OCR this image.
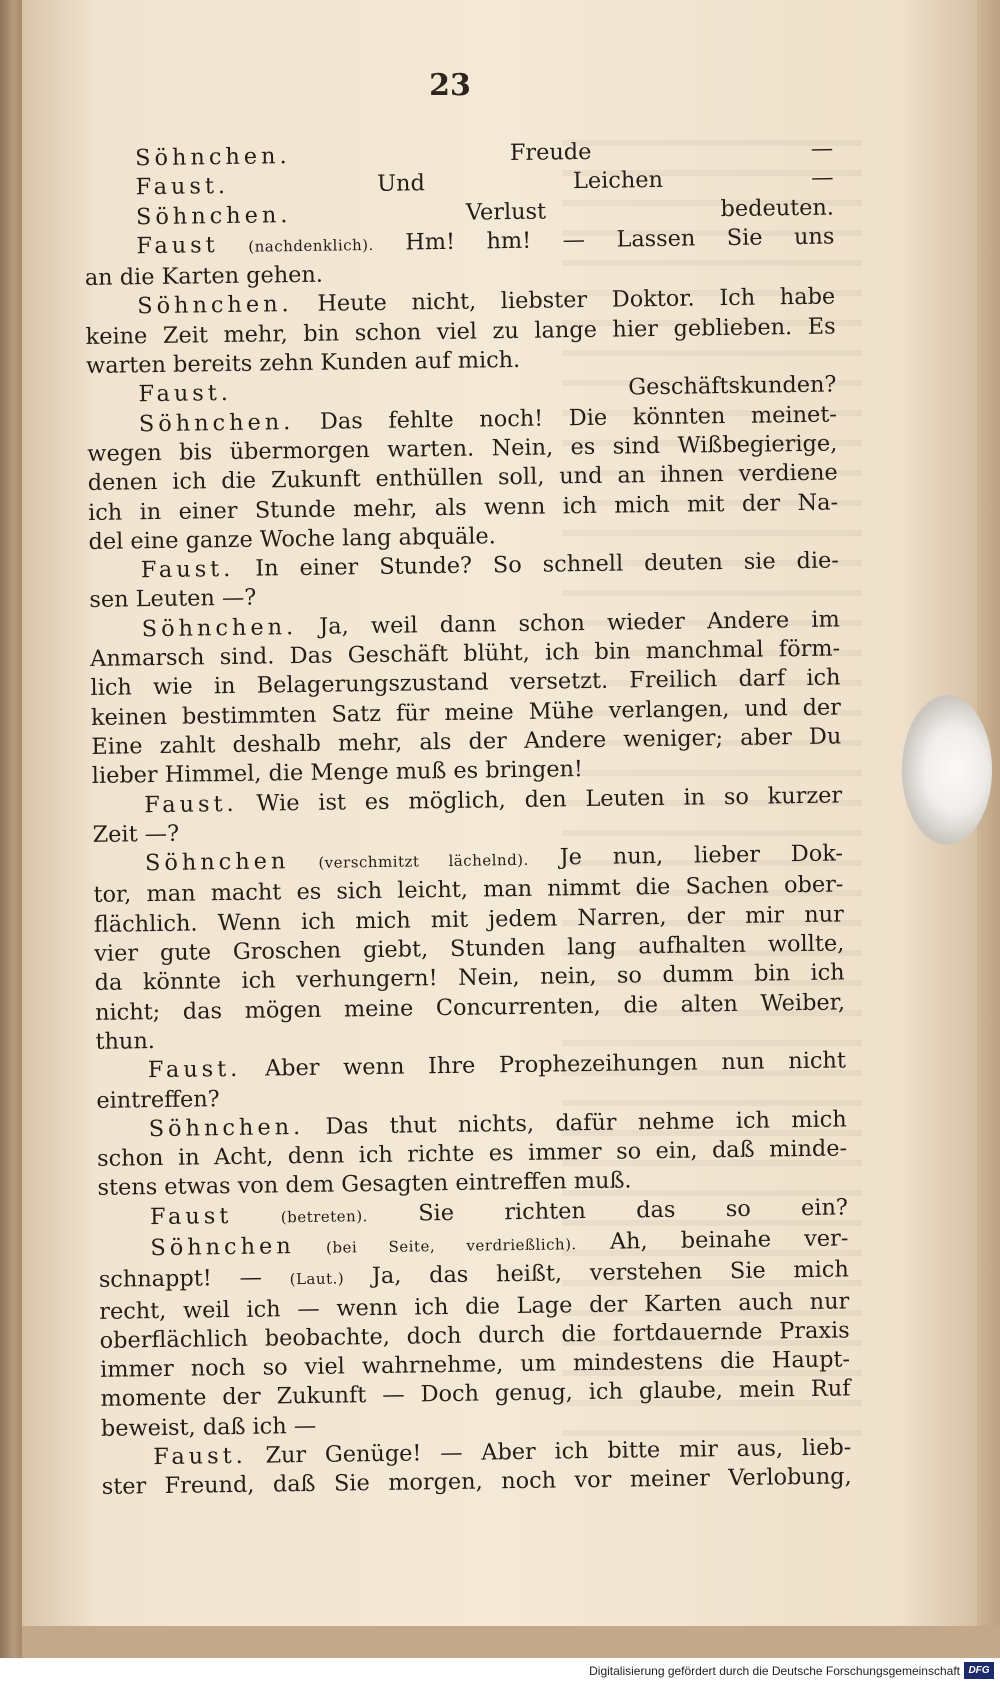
23
Söhnchen. Freude —
Faust. Und Leichen —
Söhnchen. Verlust bedeuten.
Faust (nachdenklich). Hm! hm! — Lassen Sie uns
an die Karten gehen.
Söhnchen. Heute nicht, liebster Doktor. Ich habe
keine Zeit mehr, bin schon viel zu lange hier geblieben. Es
warten bereits zehn Kunden auf mich.
Faust. Geschäftskunden?
Söhnchen. Das fehlte noch! Die könnten meinet-
wegen bis übermorgen warten. Nein, es sind Wißbegierige,
denen ich die Zukunft enthüllen soll, und an ihnen verdiene
ich in einer Stunde mehr, als wenn ich mich mit der Na-
del eine ganze Woche lang abquäle.
Faust. In einer Stunde? So schnell deuten sie die-
sen Leuten —?
Söhnchen. Ja, weil dann schon wieder Andere im
Anmarsch sind. Das Geschäft blüht, ich bin manchmal förm-
lich wie in Belagerungszustand versetzt. Freilich darf ich
keinen bestimmten Satz für meine Mühe verlangen, und der
Eine zahlt deshalb mehr, als der Andere weniger; aber Du
lieber Himmel, die Menge muß es bringen!
Faust. Wie ist es möglich, den Leuten in so kurzer
Zeit —?
Söhnchen (verschmitzt lächelnd). Je nun, lieber Dok-
tor, man macht es sich leicht, man nimmt die Sachen ober-
flächlich. Wenn ich mich mit jedem Narren, der mir nur
vier gute Groschen giebt, Stunden lang aufhalten wollte,
da könnte ich verhungern! Nein, nein, so dumm bin ich
nicht; das mögen meine Concurrenten, die alten Weiber,
thun.
Faust. Aber wenn Ihre Prophezeihungen nun nicht
eintreffen?
Söhnchen. Das thut nichts, dafür nehme ich mich
schon in Acht, denn ich richte es immer so ein, daß minde-
stens etwas von dem Gesagten eintreffen muß.
Faust (betreten). Sie richten das so ein?
Söhnchen (bei Seite, verdrießlich). Ah, beinahe ver-
schnappt! — (Laut.) Ja, das heißt, verstehen Sie mich
recht, weil ich — wenn ich die Lage der Karten auch nur
oberflächlich beobachte, doch durch die fortdauernde Praxis
immer noch so viel wahrnehme, um mindestens die Haupt-
momente der Zukunft — Doch genug, ich glaube, mein Ruf
beweist, daß ich —
Faust. Zur Genüge! — Aber ich bitte mir aus, lieb-
ster Freund, daß Sie morgen, noch vor meiner Verlobung,
Digitalisierung gefördert durch die Deutsche Forschungsgemeinschaft DFG
